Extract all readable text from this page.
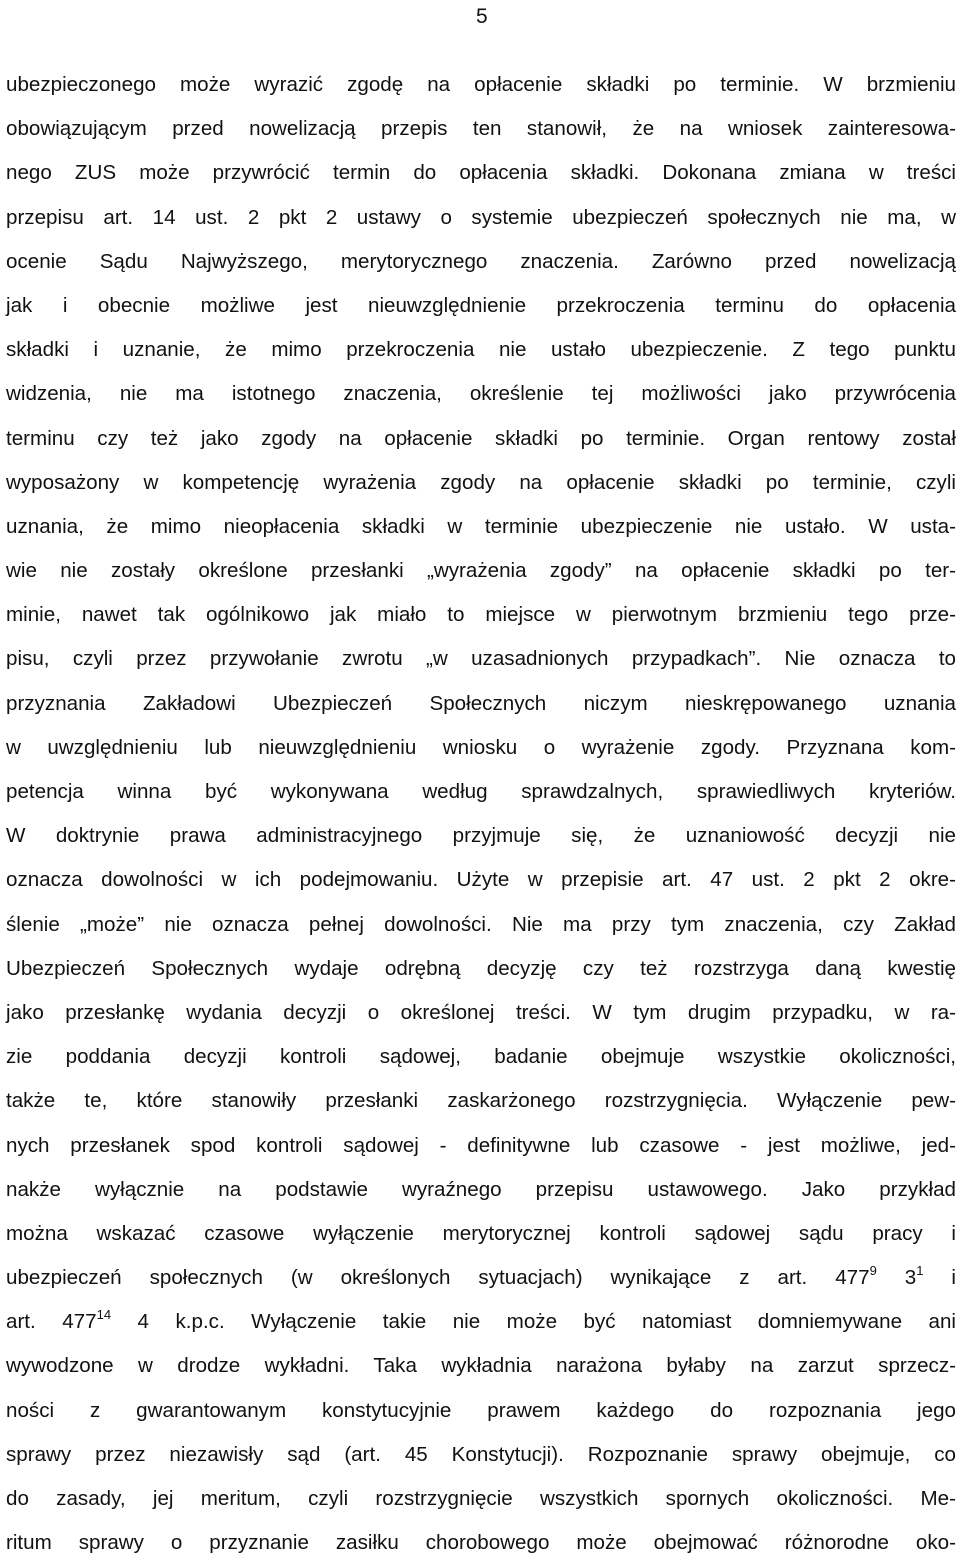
5
ubezpieczonego może wyrazić zgodę na opłacenie składki po terminie. W brzmieniu
obowiązującym przed nowelizacją przepis ten stanowił, że na wniosek zainteresowa-
nego ZUS może przywrócić termin do opłacenia składki. Dokonana zmiana w treści
przepisu art. 14 ust. 2 pkt 2 ustawy o systemie ubezpieczeń społecznych nie ma, w
ocenie Sądu Najwyższego, merytorycznego znaczenia. Zarówno przed nowelizacją
jak i obecnie możliwe jest nieuwzględnienie przekroczenia terminu do opłacenia
składki i uznanie, że mimo przekroczenia nie ustało ubezpieczenie. Z tego punktu
widzenia, nie ma istotnego znaczenia, określenie tej możliwości jako przywrócenia
terminu czy też jako zgody na opłacenie składki po terminie. Organ rentowy został
wyposażony w kompetencję wyrażenia zgody na opłacenie składki po terminie, czyli
uznania, że mimo nieopłacenia składki w terminie ubezpieczenie nie ustało. W usta-
wie nie zostały określone przesłanki „wyrażenia zgody” na opłacenie składki po ter-
minie, nawet tak ogólnikowo jak miało to miejsce w pierwotnym brzmieniu tego prze-
pisu, czyli przez przywołanie zwrotu „w uzasadnionych przypadkach”. Nie oznacza to
przyznania Zakładowi Ubezpieczeń Społecznych niczym nieskrępowanego uznania
w uwzględnieniu lub nieuwzględnieniu wniosku o wyrażenie zgody. Przyznana kom-
petencja winna być wykonywana według sprawdzalnych, sprawiedliwych kryteriów.
W doktrynie prawa administracyjnego przyjmuje się, że uznaniowość decyzji nie
oznacza dowolności w ich podejmowaniu. Użyte w przepisie art. 47 ust. 2 pkt 2 okre-
ślenie „może” nie oznacza pełnej dowolności. Nie ma przy tym znaczenia, czy Zakład
Ubezpieczeń Społecznych wydaje odrębną decyzję czy też rozstrzyga daną kwestię
jako przesłankę wydania decyzji o określonej treści. W tym drugim przypadku, w ra-
zie poddania decyzji kontroli sądowej, badanie obejmuje wszystkie okoliczności,
także te, które stanowiły przesłanki zaskarżonego rozstrzygnięcia. Wyłączenie pew-
nych przesłanek spod kontroli sądowej - definitywne lub czasowe - jest możliwe, jed-
nakże wyłącznie na podstawie wyraźnego przepisu ustawowego. Jako przykład
można wskazać czasowe wyłączenie merytorycznej kontroli sądowej sądu pracy i
ubezpieczeń społecznych (w określonych sytuacjach) wynikające z art. $477^9$ $3^1$ i
art. $477^{14}$ 4 k.p.c. Wyłączenie takie nie może być natomiast domniemywane ani
wywodzone w drodze wykładni. Taka wykładnia narażona byłaby na zarzut sprzecz-
ności z gwarantowanym konstytucyjnie prawem każdego do rozpoznania jego
sprawy przez niezawisły sąd (art. 45 Konstytucji). Rozpoznanie sprawy obejmuje, co
do zasady, jej meritum, czyli rozstrzygnięcie wszystkich spornych okoliczności. Me-
ritum sprawy o przyznanie zasiłku chorobowego może obejmować różnorodne oko-
